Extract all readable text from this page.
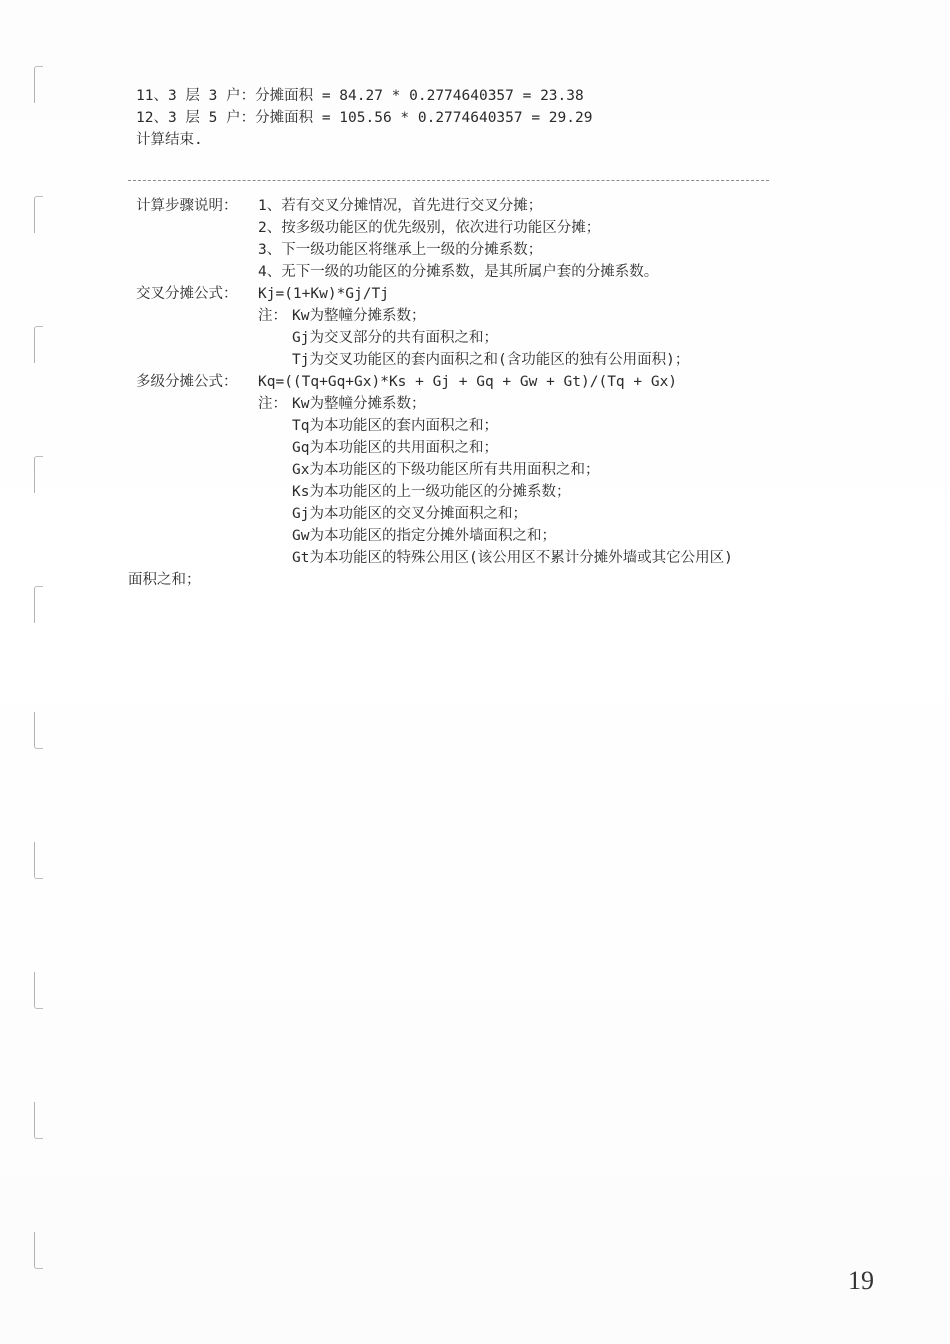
11、3 层 3 户：分摊面积 = 84.27 * 0.2774640357 = 23.38
12、3 层 5 户：分摊面积 = 105.56 * 0.2774640357 = 29.29
计算结束.
计算步骤说明： 1、若有交叉分摊情况，首先进行交叉分摊；
2、按多级功能区的优先级别，依次进行功能区分摊；
3、下一级功能区将继承上一级的分摊系数；
4、无下一级的功能区的分摊系数，是其所属户套的分摊系数。
交叉分摊公式： Kj=(1+Kw)*Gj/Tj
注： Kw为整幢分摊系数；
Gj为交叉部分的共有面积之和；
Tj为交叉功能区的套内面积之和(含功能区的独有公用面积)；
多级分摊公式： Kq=((Tq+Gq+Gx)*Ks + Gj + Gq + Gw + Gt)/(Tq + Gx)
注： Kw为整幢分摊系数；
Tq为本功能区的套内面积之和；
Gq为本功能区的共用面积之和；
Gx为本功能区的下级功能区所有共用面积之和；
Ks为本功能区的上一级功能区的分摊系数；
Gj为本功能区的交叉分摊面积之和；
Gw为本功能区的指定分摊外墙面积之和；
Gt为本功能区的特殊公用区(该公用区不累计分摊外墙或其它公用区)
面积之和；
19
